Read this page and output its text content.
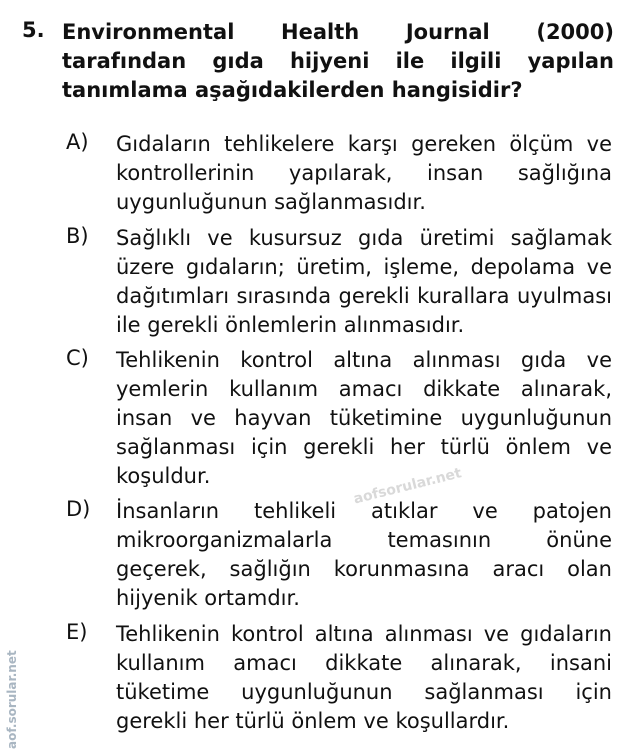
5. Environmental Health Journal (2000) tarafından gıda hijyeni ile ilgili yapılan tanımlama aşağıdakilerden hangisidir?
A) Gıdaların tehlikelere karşı gereken ölçüm ve kontrollerinin yapılarak, insan sağlığına uygunluğunun sağlanmasıdır.
B) Sağlıklı ve kusursuz gıda üretimi sağlamak üzere gıdaların; üretim, işleme, depolama ve dağıtımları sırasında gerekli kurallara uyulması ile gerekli önlemlerin alınmasıdır.
C) Tehlikenin kontrol altına alınması gıda ve yemlerin kullanım amacı dikkate alınarak, insan ve hayvan tüketimine uygunluğunun sağlanması için gerekli her türlü önlem ve koşuldur.
D) İnsanların tehlikeli atıklar ve patojen mikroorganizmalarla temasının önüne geçerek, sağlığın korunmasına aracı olan hijyenik ortamdır.
E) Tehlikenin kontrol altına alınması ve gıdaların kullanım amacı dikkate alınarak, insani tüketime uygunluğunun sağlanması için gerekli her türlü önlem ve koşullardır.
aofsorular.net
aof.sorular.net
